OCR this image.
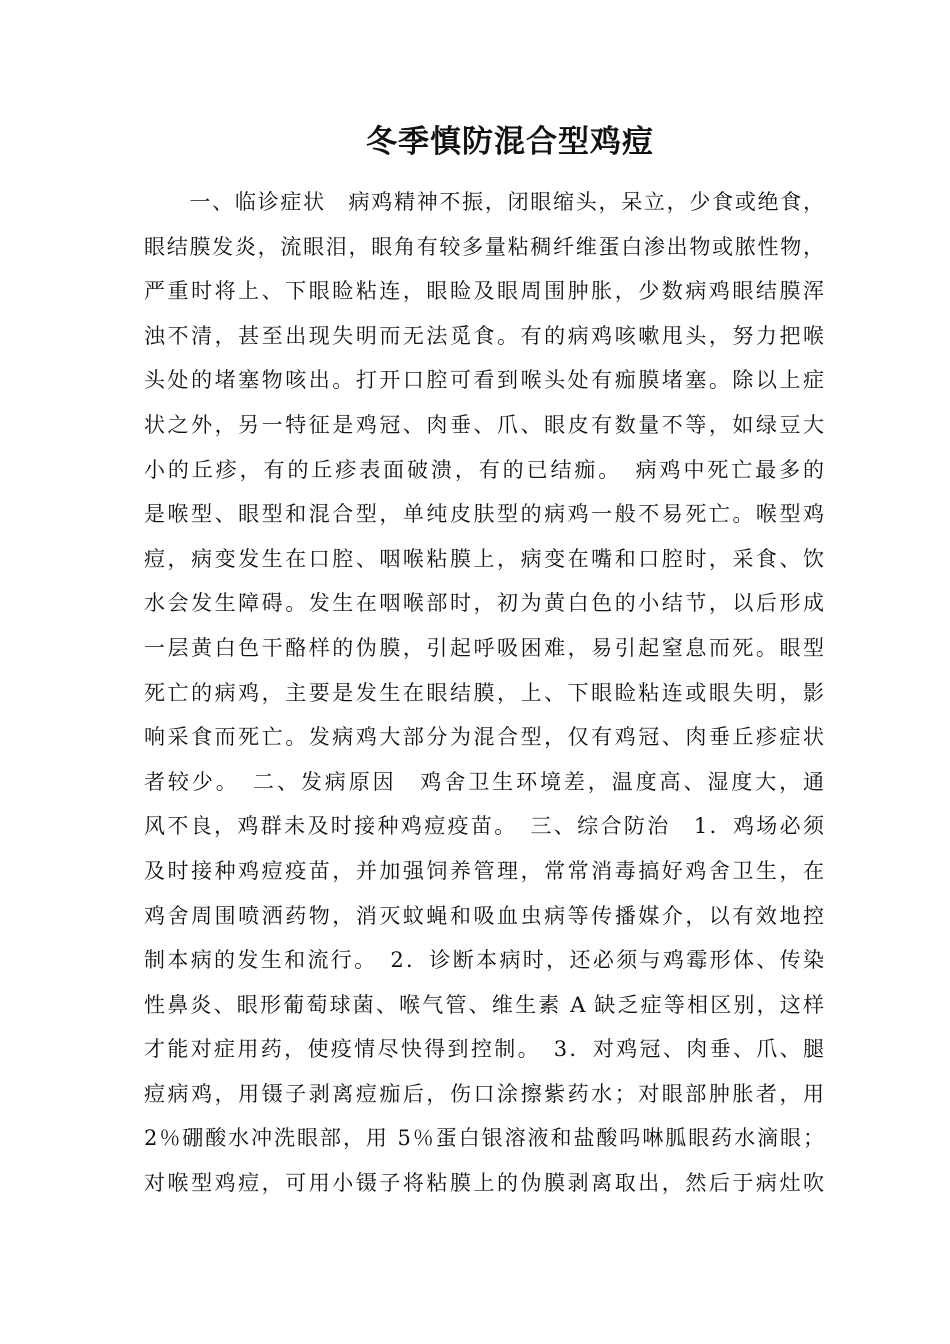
冬季慎防混合型鸡痘
　　一、临诊症状　病鸡精神不振，闭眼缩头，呆立，少食或绝食，
眼结膜发炎，流眼泪，眼角有较多量粘稠纤维蛋白渗出物或脓性物，
严重时将上、下眼睑粘连，眼睑及眼周围肿胀，少数病鸡眼结膜浑
浊不清，甚至出现失明而无法觅食。有的病鸡咳嗽甩头，努力把喉
头处的堵塞物咳出。打开口腔可看到喉头处有痂膜堵塞。除以上症
状之外，另一特征是鸡冠、肉垂、爪、眼皮有数量不等，如绿豆大
小的丘疹，有的丘疹表面破溃，有的已结痂。　病鸡中死亡最多的
是喉型、眼型和混合型，单纯皮肤型的病鸡一般不易死亡。喉型鸡
痘，病变发生在口腔、咽喉粘膜上，病变在嘴和口腔时，采食、饮
水会发生障碍。发生在咽喉部时，初为黄白色的小结节，以后形成
一层黄白色干酪样的伪膜，引起呼吸困难，易引起窒息而死。眼型
死亡的病鸡，主要是发生在眼结膜，上、下眼睑粘连或眼失明，影
响采食而死亡。发病鸡大部分为混合型，仅有鸡冠、肉垂丘疹症状
者较少。　二、发病原因　鸡舍卫生环境差，温度高、湿度大，通
风不良，鸡群未及时接种鸡痘疫苗。　三、综合防治　1．鸡场必须
及时接种鸡痘疫苗，并加强饲养管理，常常消毒搞好鸡舍卫生，在
鸡舍周围喷洒药物，消灭蚊蝇和吸血虫病等传播媒介，以有效地控
制本病的发生和流行。　2．诊断本病时，还必须与鸡霉形体、传染
性鼻炎、眼形葡萄球菌、喉气管、维生素 A 缺乏症等相区别，这样
才能对症用药，使疫情尽快得到控制。　3．对鸡冠、肉垂、爪、腿
痘病鸡，用镊子剥离痘痂后，伤口涂擦紫药水；对眼部肿胀者，用
2％硼酸水冲洗眼部，用 5％蛋白银溶液和盐酸吗啉胍眼药水滴眼；
对喉型鸡痘，可用小镊子将粘膜上的伪膜剥离取出，然后于病灶吹
